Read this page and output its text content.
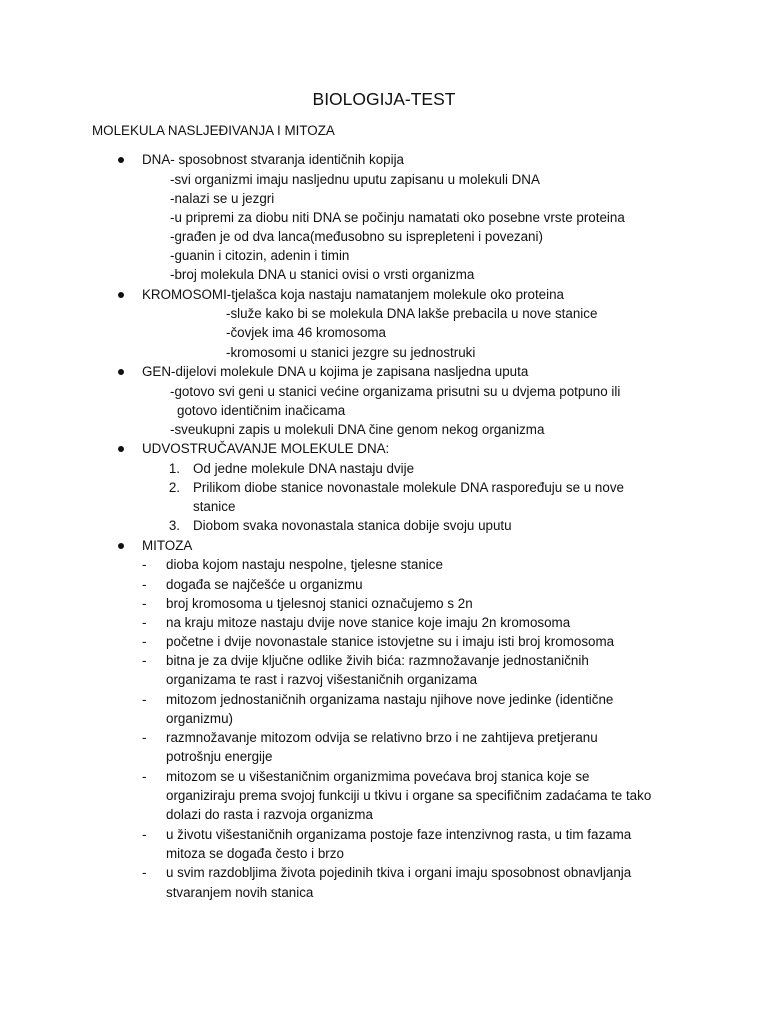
BIOLOGIJA-TEST
MOLEKULA NASLJEĐIVANJA I MITOZA
DNA- sposobnost stvaranja identičnih kopija
-svi organizmi imaju nasljednu uputu zapisanu u molekuli DNA
-nalazi se u jezgri
-u pripremi za diobu niti DNA se počinju namatati oko posebne vrste proteina
-građen je od dva lanca(međusobno su isprepleteni i povezani)
-guanin i citozin, adenin i timin
-broj molekula DNA u stanici ovisi o vrsti organizma
KROMOSOMI-tjelašca koja nastaju namatanjem molekule oko proteina
-služe kako bi se molekula DNA lakše prebacila u nove stanice
-čovjek ima 46 kromosoma
-kromosomi u stanici jezgre su jednostruki
GEN-dijelovi molekule DNA u kojima je zapisana nasljedna uputa
-gotovo svi geni u stanici većine organizama prisutni su u dvjema potpuno ili
gotovo identičnim inačicama
-sveukupni zapis u molekuli DNA čine genom nekog organizma
UDVOSTRUČAVANJE MOLEKULE DNA:
1. Od jedne molekule DNA nastaju dvije
2. Prilikom diobe stanice novonastale molekule DNA raspoređuju se u nove
stanice
3. Diobom svaka novonastala stanica dobije svoju uputu
MITOZA
- dioba kojom nastaju nespolne, tjelesne stanice
- događa se najčešće u organizmu
- broj kromosoma u tjelesnoj stanici označujemo s 2n
- na kraju mitoze nastaju dvije nove stanice koje imaju 2n kromosoma
- početne i dvije novonastale stanice istovjetne su i imaju isti broj kromosoma
- bitna je za dvije ključne odlike živih bića: razmnožavanje jednostaničnih
organizama te rast i razvoj višestaničnih organizama
- mitozom jednostaničnih organizama nastaju njihove nove jedinke (identične
organizmu)
- razmnožavanje mitozom odvija se relativno brzo i ne zahtijeva pretjeranu
potrošnju energije
- mitozom se u višestaničnim organizmima povećava broj stanica koje se
organiziraju prema svojoj funkciji u tkivu i organe sa specifičnim zadaćama te tako
dolazi do rasta i razvoja organizma
- u životu višestaničnih organizama postoje faze intenzivnog rasta, u tim fazama
mitoza se događa često i brzo
- u svim razdobljima života pojedinih tkiva i organi imaju sposobnost obnavljanja
stvaranjem novih stanica
